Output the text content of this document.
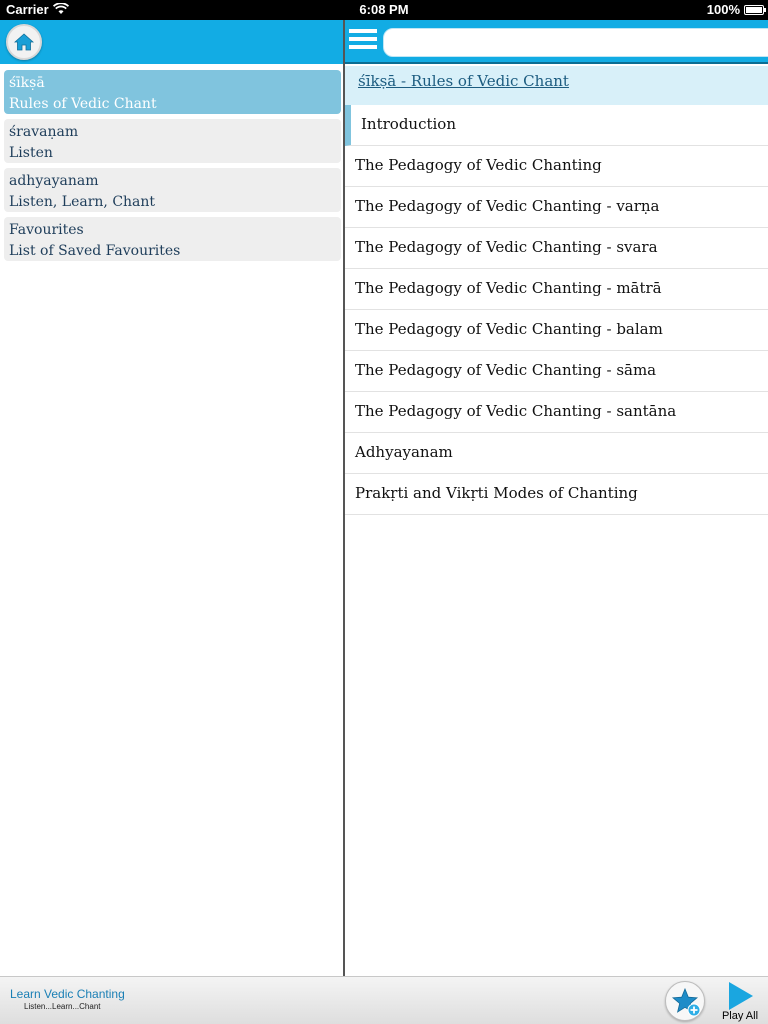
Carrier	6:08 PM	100%
śīkṣā
Rules of Vedic Chant
śravaṇam
Listen
adhyayanam
Listen, Learn, Chant
Favourites
List of Saved Favourites
śīkṣā - Rules of Vedic Chant
Introduction
The Pedagogy of Vedic Chanting
The Pedagogy of Vedic Chanting - varṇa
The Pedagogy of Vedic Chanting - svara
The Pedagogy of Vedic Chanting - mātrā
The Pedagogy of Vedic Chanting - balam
The Pedagogy of Vedic Chanting - sāma
The Pedagogy of Vedic Chanting - santāna
Adhyayanam
Prakṛti and Vikṛti Modes of Chanting
Learn Vedic Chanting
Listen...Learn...Chant
Play All
